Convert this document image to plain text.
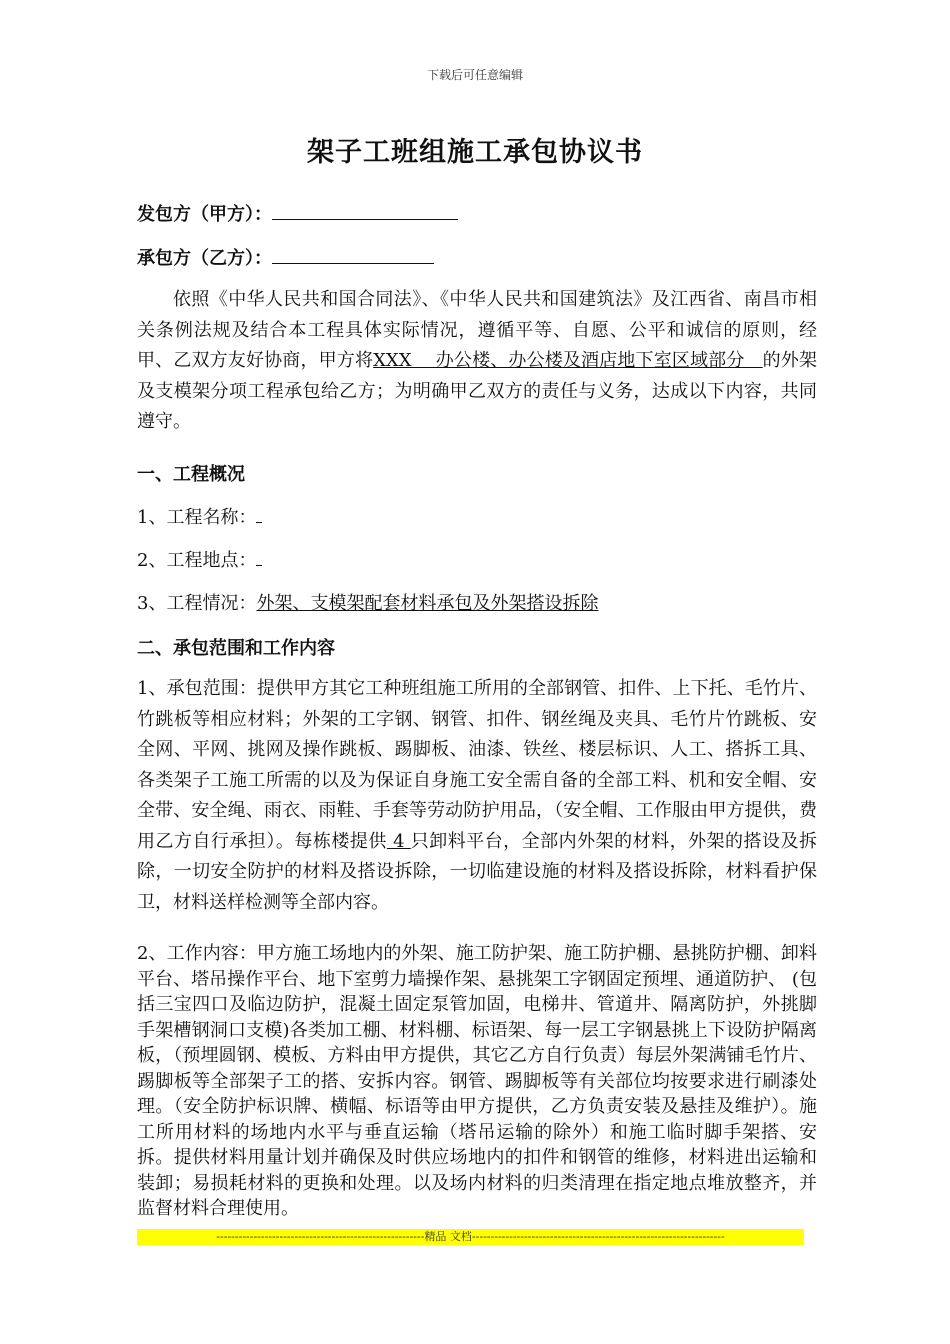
下载后可任意编辑
架子工班组施工承包协议书
发包方（甲方）：
承包方（乙方）：
依照《中华人民共和国合同法》、《中华人民共和国建筑法》及江西省、南昌市相关条例法规及结合本工程具体实际情况，遵循平等、自愿、公平和诚信的原则，经甲、乙双方友好协商，甲方将XXX　 办公楼、办公楼及酒店地下室区域部分　的外架及支模架分项工程承包给乙方；为明确甲乙双方的责任与义务，达成以下内容，共同遵守。
一、工程概况
1、工程名称：
2、工程地点：
3、工程情况：外架、支模架配套材料承包及外架搭设拆除
二、承包范围和工作内容
1、承包范围：提供甲方其它工种班组施工所用的全部钢管、扣件、上下托、毛竹片、竹跳板等相应材料；外架的工字钢、钢管、扣件、钢丝绳及夹具、毛竹片竹跳板、安全网、平网、挑网及操作跳板、踢脚板、油漆、铁丝、楼层标识、人工、搭拆工具、各类架子工施工所需的以及为保证自身施工安全需自备的全部工料、机和安全帽、安全带、安全绳、雨衣、雨鞋、手套等劳动防护用品，（安全帽、工作服由甲方提供，费用乙方自行承担）。每栋楼提供 4 只卸料平台，全部内外架的材料，外架的搭设及拆除，一切安全防护的材料及搭设拆除，一切临建设施的材料及搭设拆除，材料看护保卫，材料送样检测等全部内容。
2、工作内容：甲方施工场地内的外架、施工防护架、施工防护棚、悬挑防护棚、卸料平台、塔吊操作平台、地下室剪力墙操作架、悬挑架工字钢固定预埋、通道防护、 (包括三宝四口及临边防护，混凝土固定泵管加固，电梯井、管道井、隔离防护，外挑脚手架槽钢洞口支模)各类加工棚、材料棚、标语架、每一层工字钢悬挑上下设防护隔离板，（预埋圆钢、模板、方料由甲方提供，其它乙方自行负责）每层外架满铺毛竹片、踢脚板等全部架子工的搭、安拆内容。钢管、踢脚板等有关部位均按要求进行刷漆处理。（安全防护标识牌、横幅、标语等由甲方提供，乙方负责安装及悬挂及维护）。施工所用材料的场地内水平与垂直运输（塔吊运输的除外）和施工临时脚手架搭、安拆。提供材料用量计划并确保及时供应场地内的扣件和钢管的维修，材料进出运输和装卸；易损耗材料的更换和处理。以及场内材料的归类清理在指定地点堆放整齐，并监督材料合理使用。
--------------------------------------------------------精品 文档--------------------------------------------------------------------
